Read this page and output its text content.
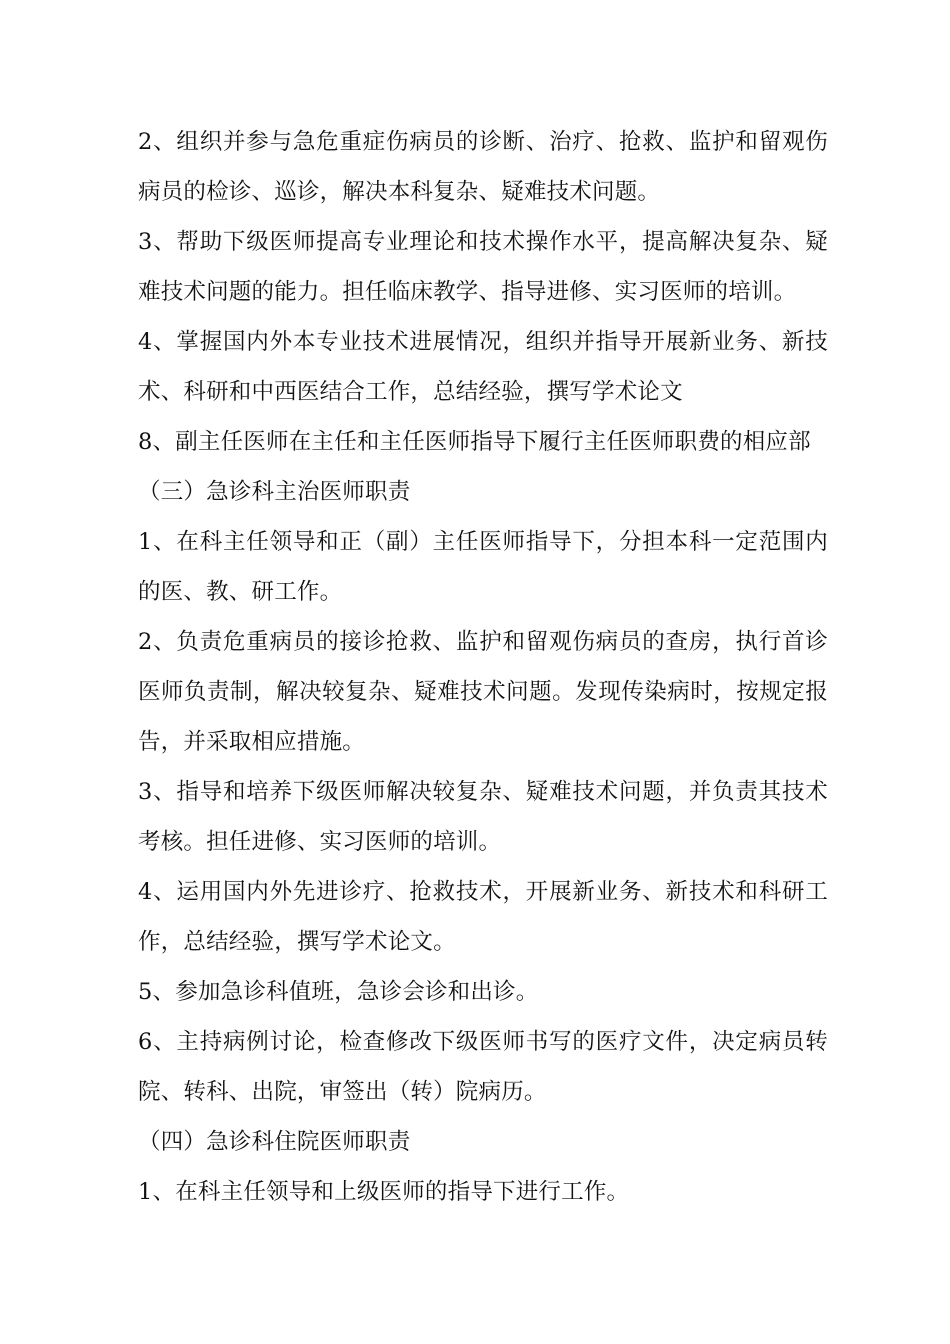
2、组织并参与急危重症伤病员的诊断、治疗、抢救、监护和留观伤病员的检诊、巡诊，解决本科复杂、疑难技术问题。

3、帮助下级医师提高专业理论和技术操作水平，提高解决复杂、疑难技术问题的能力。担任临床教学、指导进修、实习医师的培训。

4、掌握国内外本专业技术进展情况，组织并指导开展新业务、新技术、科研和中西医结合工作，总结经验，撰写学术论文

8、副主任医师在主任和主任医师指导下履行主任医师职费的相应部

（三）急诊科主治医师职责

1、在科主任领导和正（副）主任医师指导下，分担本科一定范围内的医、教、研工作。

2、负责危重病员的接诊抢救、监护和留观伤病员的查房，执行首诊医师负责制，解决较复杂、疑难技术问题。发现传染病时，按规定报告，并采取相应措施。

3、指导和培养下级医师解决较复杂、疑难技术问题，并负责其技术考核。担任进修、实习医师的培训。

4、运用国内外先进诊疗、抢救技术，开展新业务、新技术和科研工作，总结经验，撰写学术论文。

5、参加急诊科值班，急诊会诊和出诊。

6、主持病例讨论，检查修改下级医师书写的医疗文件，决定病员转院、转科、出院，审签出（转）院病历。

（四）急诊科住院医师职责

1、在科主任领导和上级医师的指导下进行工作。
